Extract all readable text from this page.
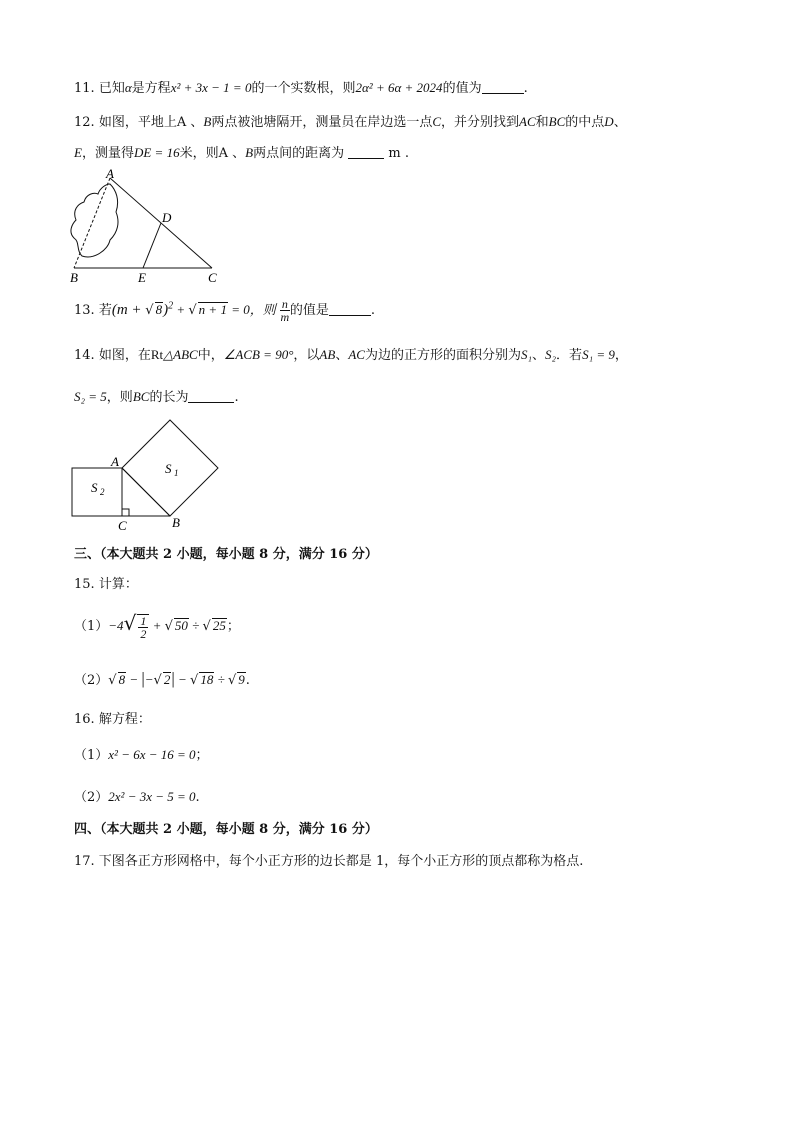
11. 已知α是方程x² + 3x − 1 = 0的一个实数根，则2α² + 6α + 2024的值为	.
12. 如图，平地上A 、B两点被池塘隔开，测量员在岸边选一点C，并分别找到AC和BC的中点D、
E，测量得DE = 16米，则A 、B两点间的距离为	m .
A
B	C
D
E
13. 若(m + √ 8)$^2$ + √ n + 1 = 0，则 $\frac{n}{m}$ 的值是	.
14. 如图，在Rt△ABC中，∠ACB = 90°，以AB、AC为边的正方形的面积分别为S₁、S₂．若S₁ = 9，
S₂ = 5，则BC的长为	.
A
B
C
S 1
S 2
三、（本大题共 2 小题，每小题 8 分，满分 16 分）
15. 计算：
$(1)-4√ \frac{1}{2}$ + √ 50 ÷ √ 25；
（2）√ 8 − |−√ 2| − √ 18 ÷ √ 9.
16. 解方程：
（1）x² − 6x − 16 = 0；
（2）2x² − 3x − 5 = 0.
四、（本大题共 2 小题，每小题 8 分，满分 16 分）
17. 下图各正方形网格中，每个小正方形的边长都是 1，每个小正方形的顶点都称为格点.
